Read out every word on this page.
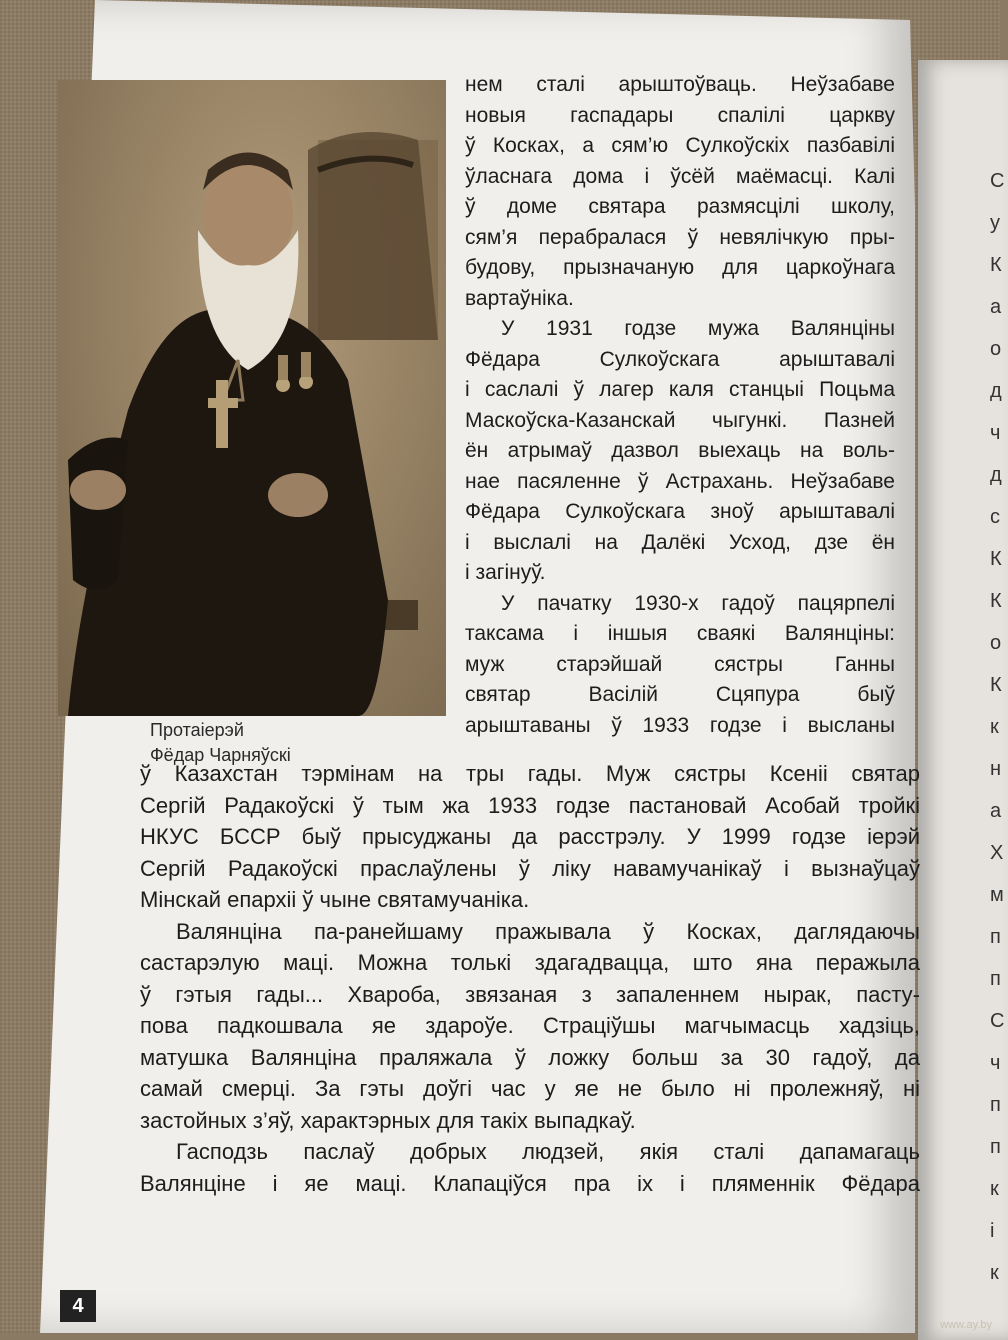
С
у
К
а
о
д
ч
д
с
К
К
о
К
к
н
а
Х
м
п
п
С
ч
п
п
к
і
к
Протаіерэй
Фёдар Чарняўскі
нем сталі арыштоўваць. Неўзабаве
новыя гаспадары спалілі царкву
ў Косках, а сям’ю Сулкоўскіх пазбавілі
ўласнага дома і ўсёй маёмасці. Калі
ў доме святара размясцілі школу,
сям’я перабралася ў невялічкую пры-
будову, прызначаную для царкоўнага
вартаўніка.
У 1931 годзе мужа Валянціны
Фёдара Сулкоўскага арыштавалі
і саслалі ў лагер каля станцыі Поцьма
Маскоўска-Казанскай чыгункі. Пазней
ён атрымаў дазвол выехаць на воль-
нае пасяленне ў Астрахань. Неўзабаве
Фёдара Сулкоўскага зноў арыштавалі
і выслалі на Далёкі Усход, дзе ён
і загінуў.
У пачатку 1930-х гадоў пацярпелі
таксама і іншыя сваякі Валянціны:
муж старэйшай сястры Ганны
святар Васілій Сцяпура быў
арыштаваны ў 1933 годзе і высланы
ў Казахстан тэрмінам на тры гады. Муж сястры Ксеніі святар
Сергій Радакоўскі ў тым жа 1933 годзе пастановай Асобай тройкі
НКУС БССР быў прысуджаны да расстрэлу. У 1999 годзе іерэй
Сергій Радакоўскі праслаўлены ў ліку навамучанікаў і вызнаўцаў
Мінскай епархіі ў чыне святамучаніка.
Валянціна па-ранейшаму пражывала ў Косках, даглядаючы
састарэлую маці. Можна толькі здагадвацца, што яна перажыла
ў гэтыя гады... Хвароба, звязаная з запаленнем нырак, пасту-
пова падкошвала яе здароўе. Страціўшы магчымасць хадзіць,
матушка Валянціна праляжала ў ложку больш за 30 гадоў, да
самай смерці. За гэты доўгі час у яе не было ні пролежняў, ні
застойных з’яў, характэрных для такіх выпадкаў.
Гасподзь паслаў добрых людзей, якія сталі дапамагаць
Валянціне і яе маці. Клапаціўся пра іх і пляменнік Фёдара
4
www.ay.by
